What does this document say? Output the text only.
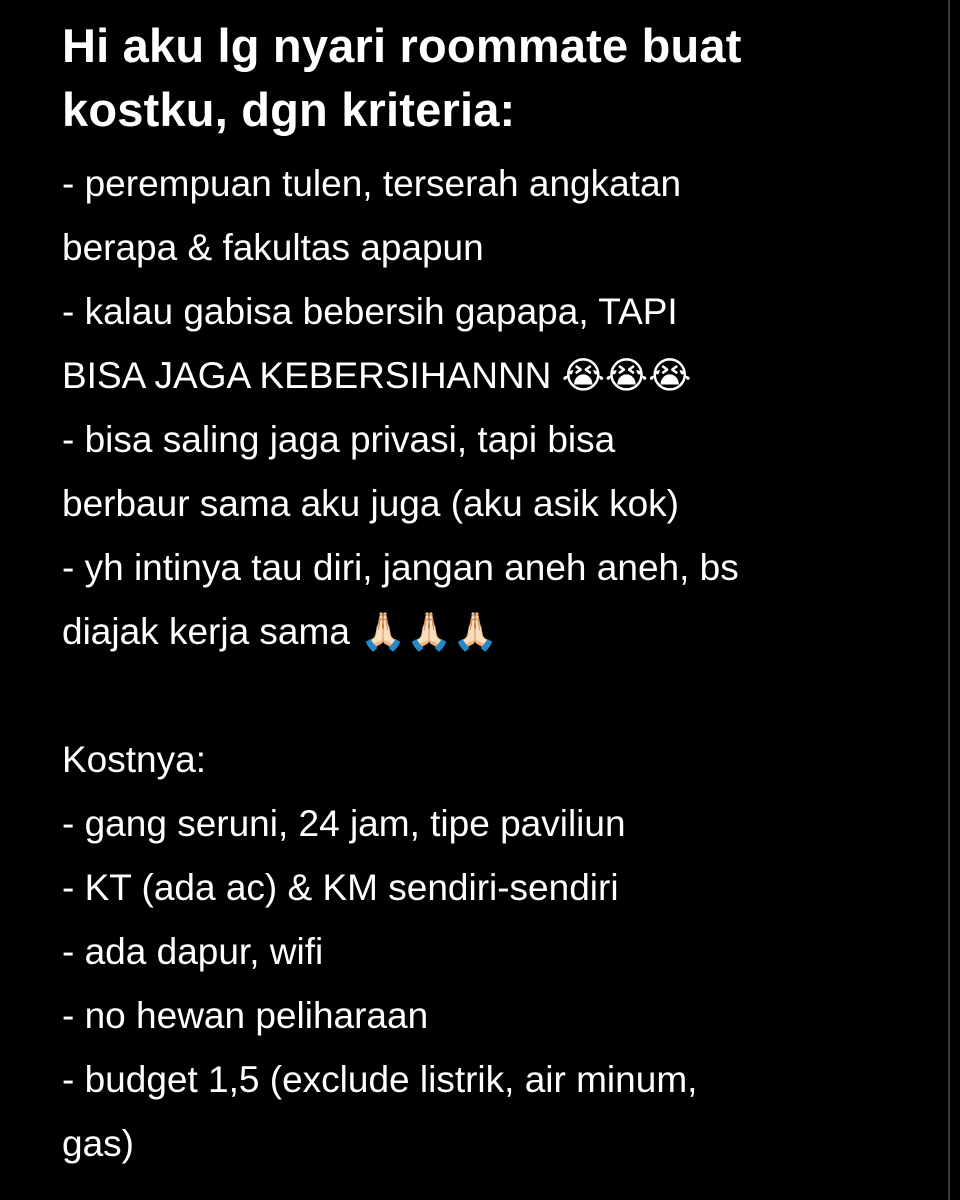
Hi aku lg nyari roommate buat
kostku, dgn kriteria:
- perempuan tulen, terserah angkatan
berapa & fakultas apapun
- kalau gabisa bebersih gapapa, TAPI
BISA JAGA KEBERSIHANNN 😭😭😭
- bisa saling jaga privasi, tapi bisa
berbaur sama aku juga (aku asik kok)
- yh intinya tau diri, jangan aneh aneh, bs
diajak kerja sama 🙏🏻🙏🏻🙏🏻
Kostnya:
- gang seruni, 24 jam, tipe paviliun
- KT (ada ac) & KM sendiri-sendiri
- ada dapur, wifi
- no hewan peliharaan
- budget 1,5 (exclude listrik, air minum,
gas)
